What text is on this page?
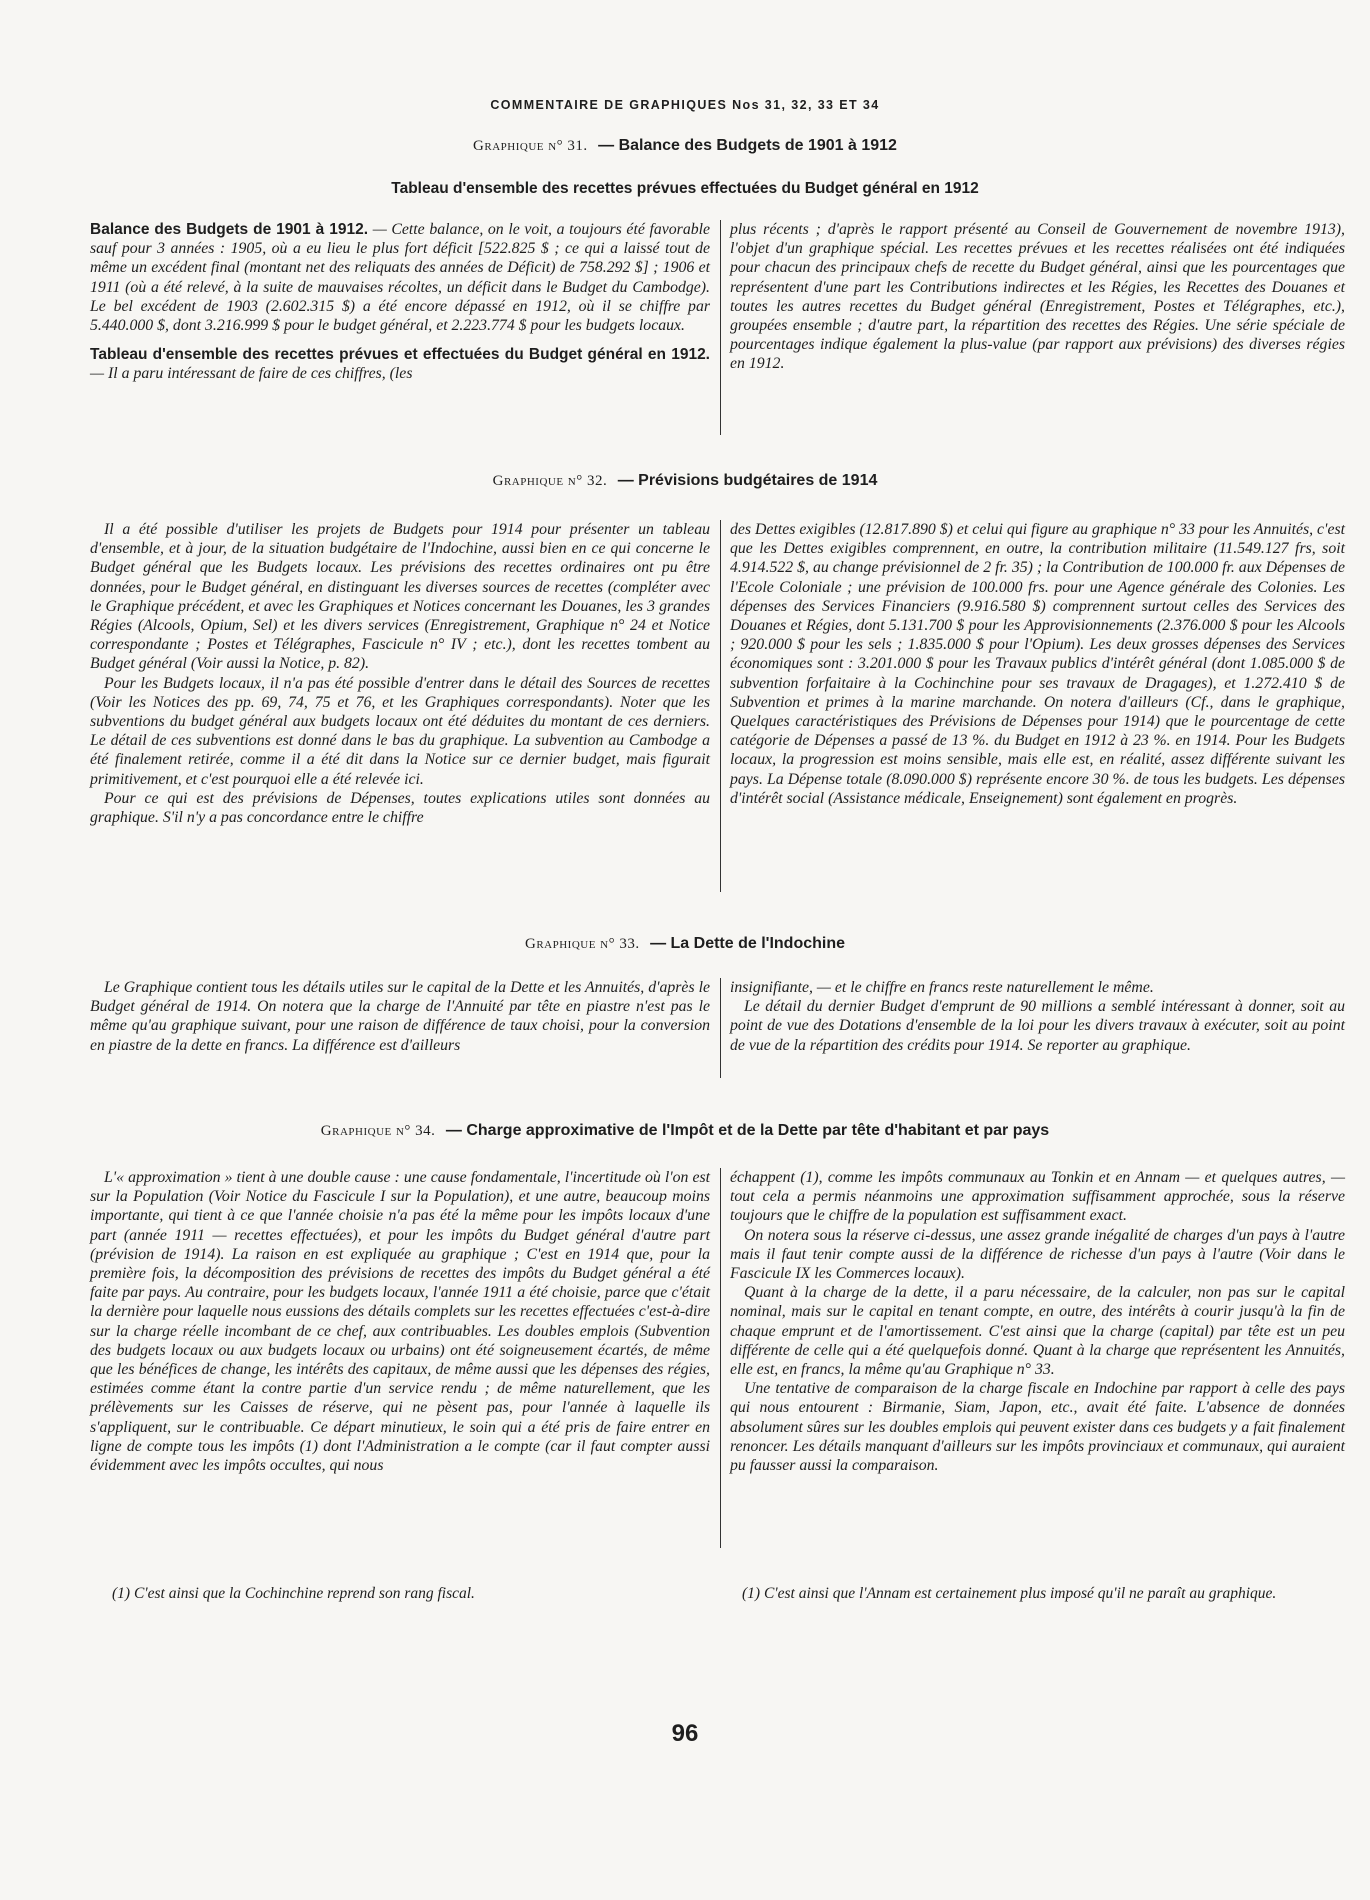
COMMENTAIRE DE GRAPHIQUES Nos 31, 32, 33 ET 34
Graphique n° 31. — Balance des Budgets de 1901 à 1912
Tableau d'ensemble des recettes prévues effectuées du Budget général en 1912

Balance des Budgets de 1901 à 1912. — Cette balance, on le voit, a toujours été favorable sauf pour 3 années : 1905, où a eu lieu le plus fort déficit [522.825 $ ; ce qui a laissé tout de même un excédent final (montant net des reliquats des années de Déficit) de 758.292 $] ; 1906 et 1911 (où a été relevé, à la suite de mauvaises récoltes, un déficit dans le Budget du Cambodge). Le bel excédent de 1903 (2.602.315 $) a été encore dépassé en 1912, où il se chiffre par 5.440.000 $, dont 3.216.999 $ pour le budget général, et 2.223.774 $ pour les budgets locaux.

Tableau d'ensemble des recettes prévues et effectuées du Budget général en 1912. — Il a paru intéressant de faire de ces chiffres, (les

plus récents ; d'après le rapport présenté au Conseil de Gouvernement de novembre 1913), l'objet d'un graphique spécial. Les recettes prévues et les recettes réalisées ont été indiquées pour chacun des principaux chefs de recette du Budget général, ainsi que les pourcentages que représentent d'une part les Contributions indirectes et les Régies, les Recettes des Douanes et toutes les autres recettes du Budget général (Enregistrement, Postes et Télégraphes, etc.), groupées ensemble ; d'autre part, la répartition des recettes des Régies. Une série spéciale de pourcentages indique également la plus-value (par rapport aux prévisions) des diverses régies en 1912.

Graphique n° 32. — Prévisions budgétaires de 1914

Il a été possible d'utiliser les projets de Budgets pour 1914 pour présenter un tableau d'ensemble, et à jour, de la situation budgétaire de l'Indochine, aussi bien en ce qui concerne le Budget général que les Budgets locaux. Les prévisions des recettes ordinaires ont pu être données, pour le Budget général, en distinguant les diverses sources de recettes (compléter avec le Graphique précédent, et avec les Graphiques et Notices concernant les Douanes, les 3 grandes Régies (Alcools, Opium, Sel) et les divers services (Enregistrement, Graphique n° 24 et Notice correspondante ; Postes et Télégraphes, Fascicule n° IV ; etc.), dont les recettes tombent au Budget général (Voir aussi la Notice, p. 82).

Pour les Budgets locaux, il n'a pas été possible d'entrer dans le détail des Sources de recettes (Voir les Notices des pp. 69, 74, 75 et 76, et les Graphiques correspondants). Noter que les subventions du budget général aux budgets locaux ont été déduites du montant de ces derniers. Le détail de ces subventions est donné dans le bas du graphique. La subvention au Cambodge a été finalement retirée, comme il a été dit dans la Notice sur ce dernier budget, mais figurait primitivement, et c'est pourquoi elle a été relevée ici.

Pour ce qui est des prévisions de Dépenses, toutes explications utiles sont données au graphique. S'il n'y a pas concordance entre le chiffre

des Dettes exigibles (12.817.890 $) et celui qui figure au graphique n° 33 pour les Annuités, c'est que les Dettes exigibles comprennent, en outre, la contribution militaire (11.549.127 frs, soit 4.914.522 $, au change prévisionnel de 2 fr. 35) ; la Contribution de 100.000 fr. aux Dépenses de l'Ecole Coloniale ; une prévision de 100.000 frs. pour une Agence générale des Colonies. Les dépenses des Services Financiers (9.916.580 $) comprennent surtout celles des Services des Douanes et Régies, dont 5.131.700 $ pour les Approvisionnements (2.376.000 $ pour les Alcools ; 920.000 $ pour les sels ; 1.835.000 $ pour l'Opium). Les deux grosses dépenses des Services économiques sont : 3.201.000 $ pour les Travaux publics d'intérêt général (dont 1.085.000 $ de subvention forfaitaire à la Cochinchine pour ses travaux de Dragages), et 1.272.410 $ de Subvention et primes à la marine marchande. On notera d'ailleurs (Cf., dans le graphique, Quelques caractéristiques des Prévisions de Dépenses pour 1914) que le pourcentage de cette catégorie de Dépenses a passé de 13 %. du Budget en 1912 à 23 %. en 1914. Pour les Budgets locaux, la progression est moins sensible, mais elle est, en réalité, assez différente suivant les pays. La Dépense totale (8.090.000 $) représente encore 30 %. de tous les budgets. Les dépenses d'intérêt social (Assistance médicale, Enseignement) sont également en progrès.

Graphique n° 33. — La Dette de l'Indochine

Le Graphique contient tous les détails utiles sur le capital de la Dette et les Annuités, d'après le Budget général de 1914. On notera que la charge de l'Annuité par tête en piastre n'est pas le même qu'au graphique suivant, pour une raison de différence de taux choisi, pour la conversion en piastre de la dette en francs. La différence est d'ailleurs

insignifiante, — et le chiffre en francs reste naturellement le même.

Le détail du dernier Budget d'emprunt de 90 millions a semblé intéressant à donner, soit au point de vue des Dotations d'ensemble de la loi pour les divers travaux à exécuter, soit au point de vue de la répartition des crédits pour 1914. Se reporter au graphique.

Graphique n° 34. — Charge approximative de l'Impôt et de la Dette par tête d'habitant et par pays

L'« approximation » tient à une double cause : une cause fondamentale, l'incertitude où l'on est sur la Population (Voir Notice du Fascicule I sur la Population), et une autre, beaucoup moins importante, qui tient à ce que l'année choisie n'a pas été la même pour les impôts locaux d'une part (année 1911 — recettes effectuées), et pour les impôts du Budget général d'autre part (prévision de 1914). La raison en est expliquée au graphique ; C'est en 1914 que, pour la première fois, la décomposition des prévisions de recettes des impôts du Budget général a été faite par pays. Au contraire, pour les budgets locaux, l'année 1911 a été choisie, parce que c'était la dernière pour laquelle nous eussions des détails complets sur les recettes effectuées c'est-à-dire sur la charge réelle incombant de ce chef, aux contribuables. Les doubles emplois (Subvention des budgets locaux ou aux budgets locaux ou urbains) ont été soigneusement écartés, de même que les bénéfices de change, les intérêts des capitaux, de même aussi que les dépenses des régies, estimées comme étant la contre partie d'un service rendu ; de même naturellement, que les prélèvements sur les Caisses de réserve, qui ne pèsent pas, pour l'année à laquelle ils s'appliquent, sur le contribuable. Ce départ minutieux, le soin qui a été pris de faire entrer en ligne de compte tous les impôts (1) dont l'Administration a le compte (car il faut compter aussi évidemment avec les impôts occultes, qui nous

échappent (1), comme les impôts communaux au Tonkin et en Annam — et quelques autres, — tout cela a permis néanmoins une approximation suffisamment approchée, sous la réserve toujours que le chiffre de la population est suffisamment exact.

On notera sous la réserve ci-dessus, une assez grande inégalité de charges d'un pays à l'autre mais il faut tenir compte aussi de la différence de richesse d'un pays à l'autre (Voir dans le Fascicule IX les Commerces locaux).

Quant à la charge de la dette, il a paru nécessaire, de la calculer, non pas sur le capital nominal, mais sur le capital en tenant compte, en outre, des intérêts à courir jusqu'à la fin de chaque emprunt et de l'amortissement. C'est ainsi que la charge (capital) par tête est un peu différente de celle qui a été quelquefois donné. Quant à la charge que représentent les Annuités, elle est, en francs, la même qu'au Graphique n° 33.

Une tentative de comparaison de la charge fiscale en Indochine par rapport à celle des pays qui nous entourent : Birmanie, Siam, Japon, etc., avait été faite. L'absence de données absolument sûres sur les doubles emplois qui peuvent exister dans ces budgets y a fait finalement renoncer. Les détails manquant d'ailleurs sur les impôts provinciaux et communaux, qui auraient pu fausser aussi la comparaison.

(1) C'est ainsi que la Cochinchine reprend son rang fiscal.	(1) C'est ainsi que l'Annam est certainement plus imposé qu'il ne paraît au graphique.
96
